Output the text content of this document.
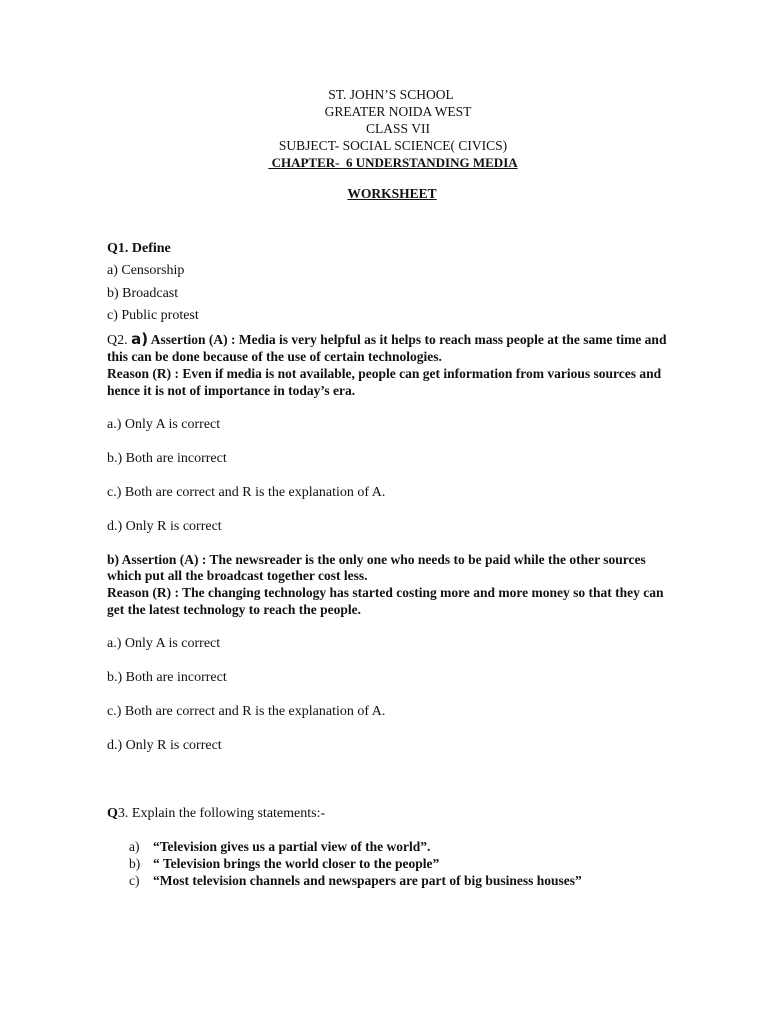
ST. JOHN’S SCHOOL
GREATER NOIDA WEST
CLASS VII
SUBJECT- SOCIAL SCIENCE( CIVICS)
CHAPTER-  6 UNDERSTANDING MEDIA
WORKSHEET
Q1. Define
a) Censorship
b) Broadcast
c) Public protest
Q2. a) Assertion (A) : Media is very helpful as it helps to reach mass people at the same time and this can be done because of the use of certain technologies.
Reason (R) : Even if media is not available, people can get information from various sources and hence it is not of importance in today’s era.
a.) Only A is correct
b.) Both are incorrect
c.) Both are correct and R is the explanation of A.
d.) Only R is correct
b) Assertion (A) : The newsreader is the only one who needs to be paid while the other sources which put all the broadcast together cost less.
Reason (R) : The changing technology has started costing more and more money so that they can get the latest technology to reach the people.
a.) Only A is correct
b.) Both are incorrect
c.) Both are correct and R is the explanation of A.
d.) Only R is correct
Q3. Explain the following statements:-
a)	“Television gives us a partial view of the world”.
b) “ Television brings the world closer to the people”
c)	“Most television channels and newspapers are part of big business houses”
